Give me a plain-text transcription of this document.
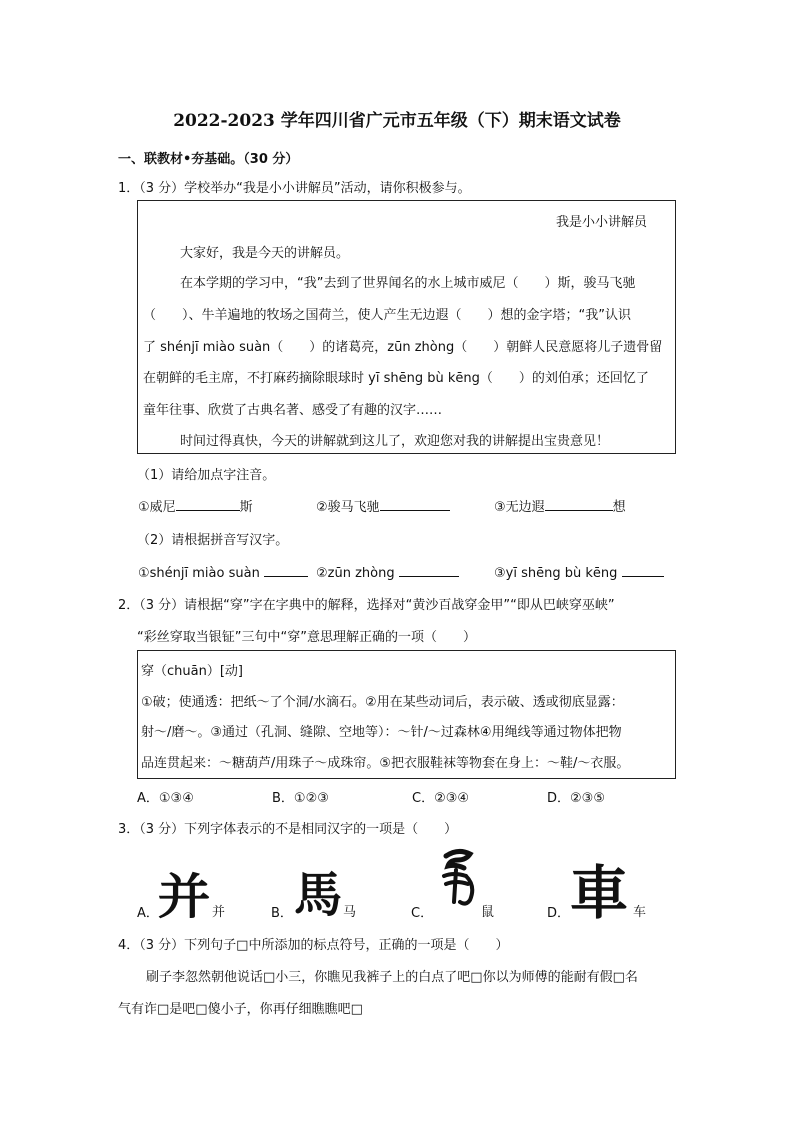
2022-2023 学年四川省广元市五年级（下）期末语文试卷
一、联教材•夯基础。（30 分）
1．（3 分）学校举办“我是小小讲解员”活动，请你积极参与。
我是小小讲解员
大家好，我是今天的讲解员。
在本学期的学习中，“我”去到了世界闻名的水上城市威尼（　　）斯，骏马飞驰
（　　）、牛羊遍地的牧场之国荷兰，使人产生无边遐（　　）想的金字塔；“我”认识
了 shénjī miào suàn（　　）的诸葛亮，zūn zhòng（　　）朝鲜人民意愿将儿子遗骨留
在朝鲜的毛主席，不打麻药摘除眼球时 yī shēng bù kēng（　　）的刘伯承；还回忆了
童年往事、欣赏了古典名著、感受了有趣的汉字……
时间过得真快，今天的讲解就到这儿了，欢迎您对我的讲解提出宝贵意见！
（1）请给加点字注音。
①威尼	斯	②骏马飞驰	③无边遐	想
（2）请根据拼音写汉字。
①shénjī miào suàn	②zūn zhòng	③yī shēng bù kēng
2．（3 分）请根据“穿”字在字典中的解释，选择对“黄沙百战穿金甲”“即从巴峡穿巫峡”
“彩丝穿取当银钲”三句中“穿”意思理解正确的一项（　　）
穿（chuān）[动]
①破；使通透：把纸～了个洞/水滴石。②用在某些动词后，表示破、透或彻底显露：
射～/磨～。③通过（孔洞、缝隙、空地等）：～针/～过森林④用绳线等通过物体把物
品连贯起来：～糖葫芦/用珠子～成珠帘。⑤把衣服鞋袜等物套在身上：～鞋/～衣服。
A．①③④	B．①②③	C．②③④	D．②③⑤
3．（3 分）下列字体表示的不是相同汉字的一项是（　　）
A．
并 并	B． 馬 马	C．	鼠	D． 車 车
4．（3 分）下列句子□中所添加的标点符号，正确的一项是（　　）
刷子李忽然朝他说话□小三，你瞧见我裤子上的白点了吧□你以为师傅的能耐有假□名
气有诈□是吧□傻小子，你再仔细瞧瞧吧□
